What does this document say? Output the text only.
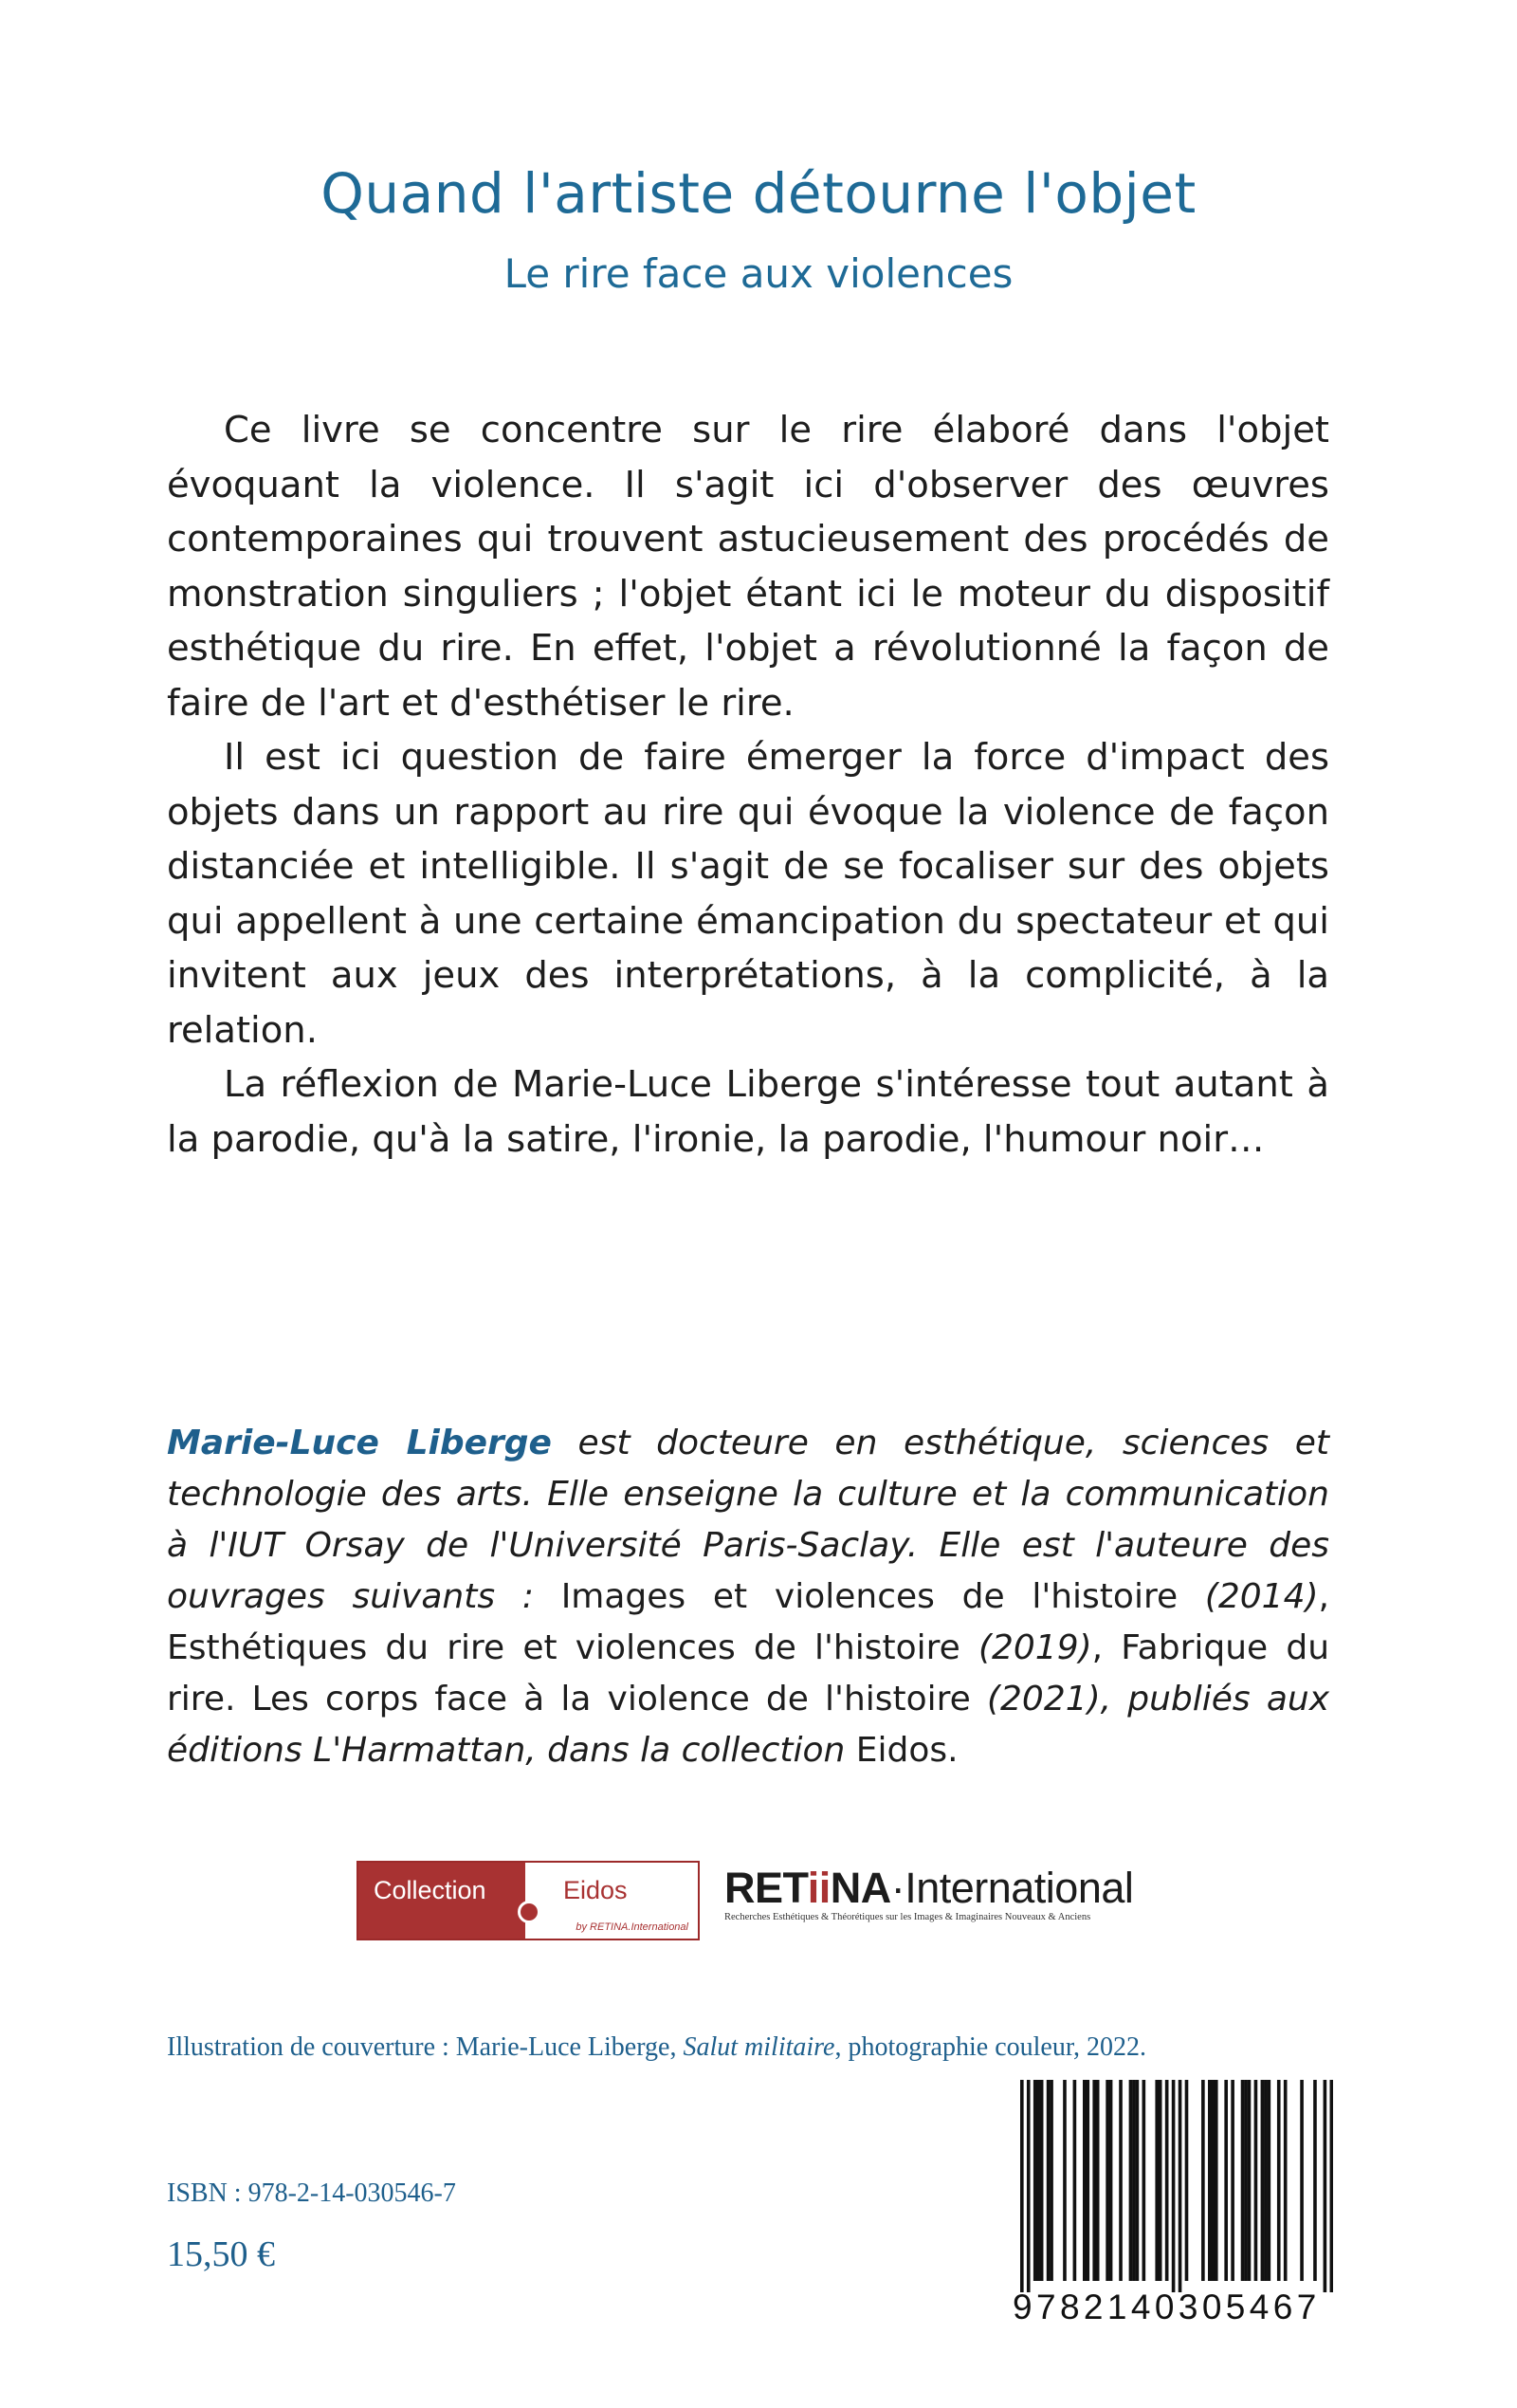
Quand l'artiste détourne l'objet
Le rire face aux violences

Ce livre se concentre sur le rire élaboré dans l'objet évoquant la violence. Il s'agit ici d'observer des œuvres contemporaines qui trouvent astucieusement des procédés de monstration singuliers ; l'objet étant ici le moteur du dispositif esthétique du rire. En effet, l'objet a révolutionné la façon de faire de l'art et d'esthétiser le rire.

Il est ici question de faire émerger la force d'impact des objets dans un rapport au rire qui évoque la violence de façon distanciée et intelligible. Il s'agit de se focaliser sur des objets qui appellent à une certaine émancipation du spectateur et qui invitent aux jeux des interprétations, à la complicité, à la relation.

La réflexion de Marie-Luce Liberge s'intéresse tout autant à la parodie, qu'à la satire, l'ironie, la parodie, l'humour noir…

Marie-Luce Liberge est docteure en esthétique, sciences et technologie des arts. Elle enseigne la culture et la communication à l'IUT Orsay de l'Université Paris-Saclay. Elle est l'auteure des ouvrages suivants : Images et violences de l'histoire (2014), Esthétiques du rire et violences de l'histoire (2019), Fabrique du rire. Les corps face à la violence de l'histoire (2021), publiés aux éditions L'Harmattan, dans la collection Eidos.
Collection	Eidos
by RETINA.International
RETiiNA·International
Recherches Esthétiques & Théorétiques sur les Images & Imaginaires Nouveaux & Anciens
Illustration de couverture : Marie-Luce Liberge, Salut militaire, photographie couleur, 2022.
ISBN : 978-2-14-030546-7
15,50 €
9782140305467
